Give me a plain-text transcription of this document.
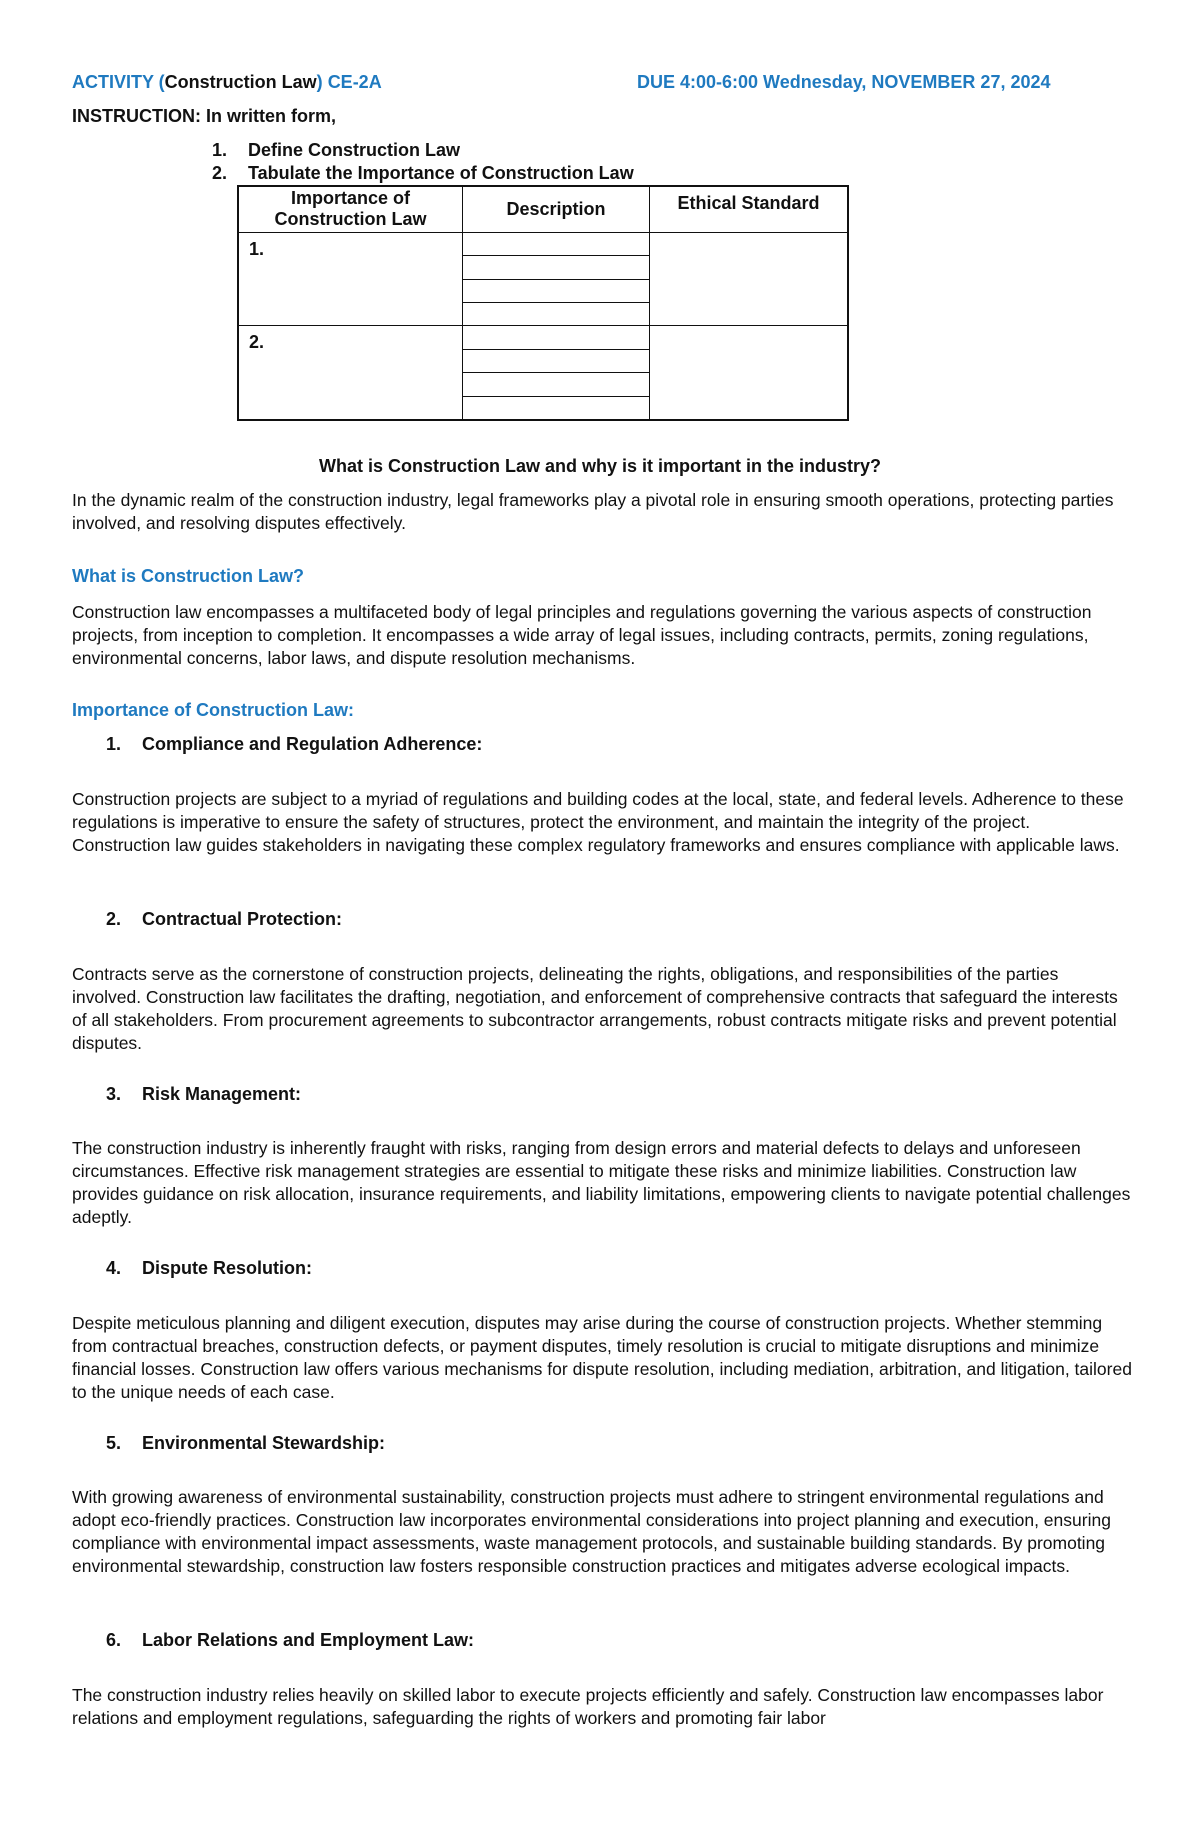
ACTIVITY (Construction Law) CE-2A	DUE 4:00-6:00 Wednesday, NOVEMBER 27, 2024
INSTRUCTION: In written form,
1. Define Construction Law
2. Tabulate the Importance of Construction Law
Importance of Construction Law	Description	Ethical Standard
1.		

2.		

What is Construction Law and why is it important in the industry?
In the dynamic realm of the construction industry, legal frameworks play a pivotal role in ensuring smooth operations, protecting parties involved, and resolving disputes effectively.
What is Construction Law?
Construction law encompasses a multifaceted body of legal principles and regulations governing the various aspects of construction projects, from inception to completion. It encompasses a wide array of legal issues, including contracts, permits, zoning regulations, environmental concerns, labor laws, and dispute resolution mechanisms.
Importance of Construction Law:
1. Compliance and Regulation Adherence:
Construction projects are subject to a myriad of regulations and building codes at the local, state, and federal levels. Adherence to these regulations is imperative to ensure the safety of structures, protect the environment, and maintain the integrity of the project. Construction law guides stakeholders in navigating these complex regulatory frameworks and ensures compliance with applicable laws.
2. Contractual Protection:
Contracts serve as the cornerstone of construction projects, delineating the rights, obligations, and responsibilities of the parties involved. Construction law facilitates the drafting, negotiation, and enforcement of comprehensive contracts that safeguard the interests of all stakeholders. From procurement agreements to subcontractor arrangements, robust contracts mitigate risks and prevent potential disputes.
3. Risk Management:
The construction industry is inherently fraught with risks, ranging from design errors and material defects to delays and unforeseen circumstances. Effective risk management strategies are essential to mitigate these risks and minimize liabilities. Construction law provides guidance on risk allocation, insurance requirements, and liability limitations, empowering clients to navigate potential challenges adeptly.
4. Dispute Resolution:
Despite meticulous planning and diligent execution, disputes may arise during the course of construction projects. Whether stemming from contractual breaches, construction defects, or payment disputes, timely resolution is crucial to mitigate disruptions and minimize financial losses. Construction law offers various mechanisms for dispute resolution, including mediation, arbitration, and litigation, tailored to the unique needs of each case.
5. Environmental Stewardship:
With growing awareness of environmental sustainability, construction projects must adhere to stringent environmental regulations and adopt eco-friendly practices. Construction law incorporates environmental considerations into project planning and execution, ensuring compliance with environmental impact assessments, waste management protocols, and sustainable building standards. By promoting environmental stewardship, construction law fosters responsible construction practices and mitigates adverse ecological impacts.
6. Labor Relations and Employment Law:
The construction industry relies heavily on skilled labor to execute projects efficiently and safely. Construction law encompasses labor relations and employment regulations, safeguarding the rights of workers and promoting fair labor
